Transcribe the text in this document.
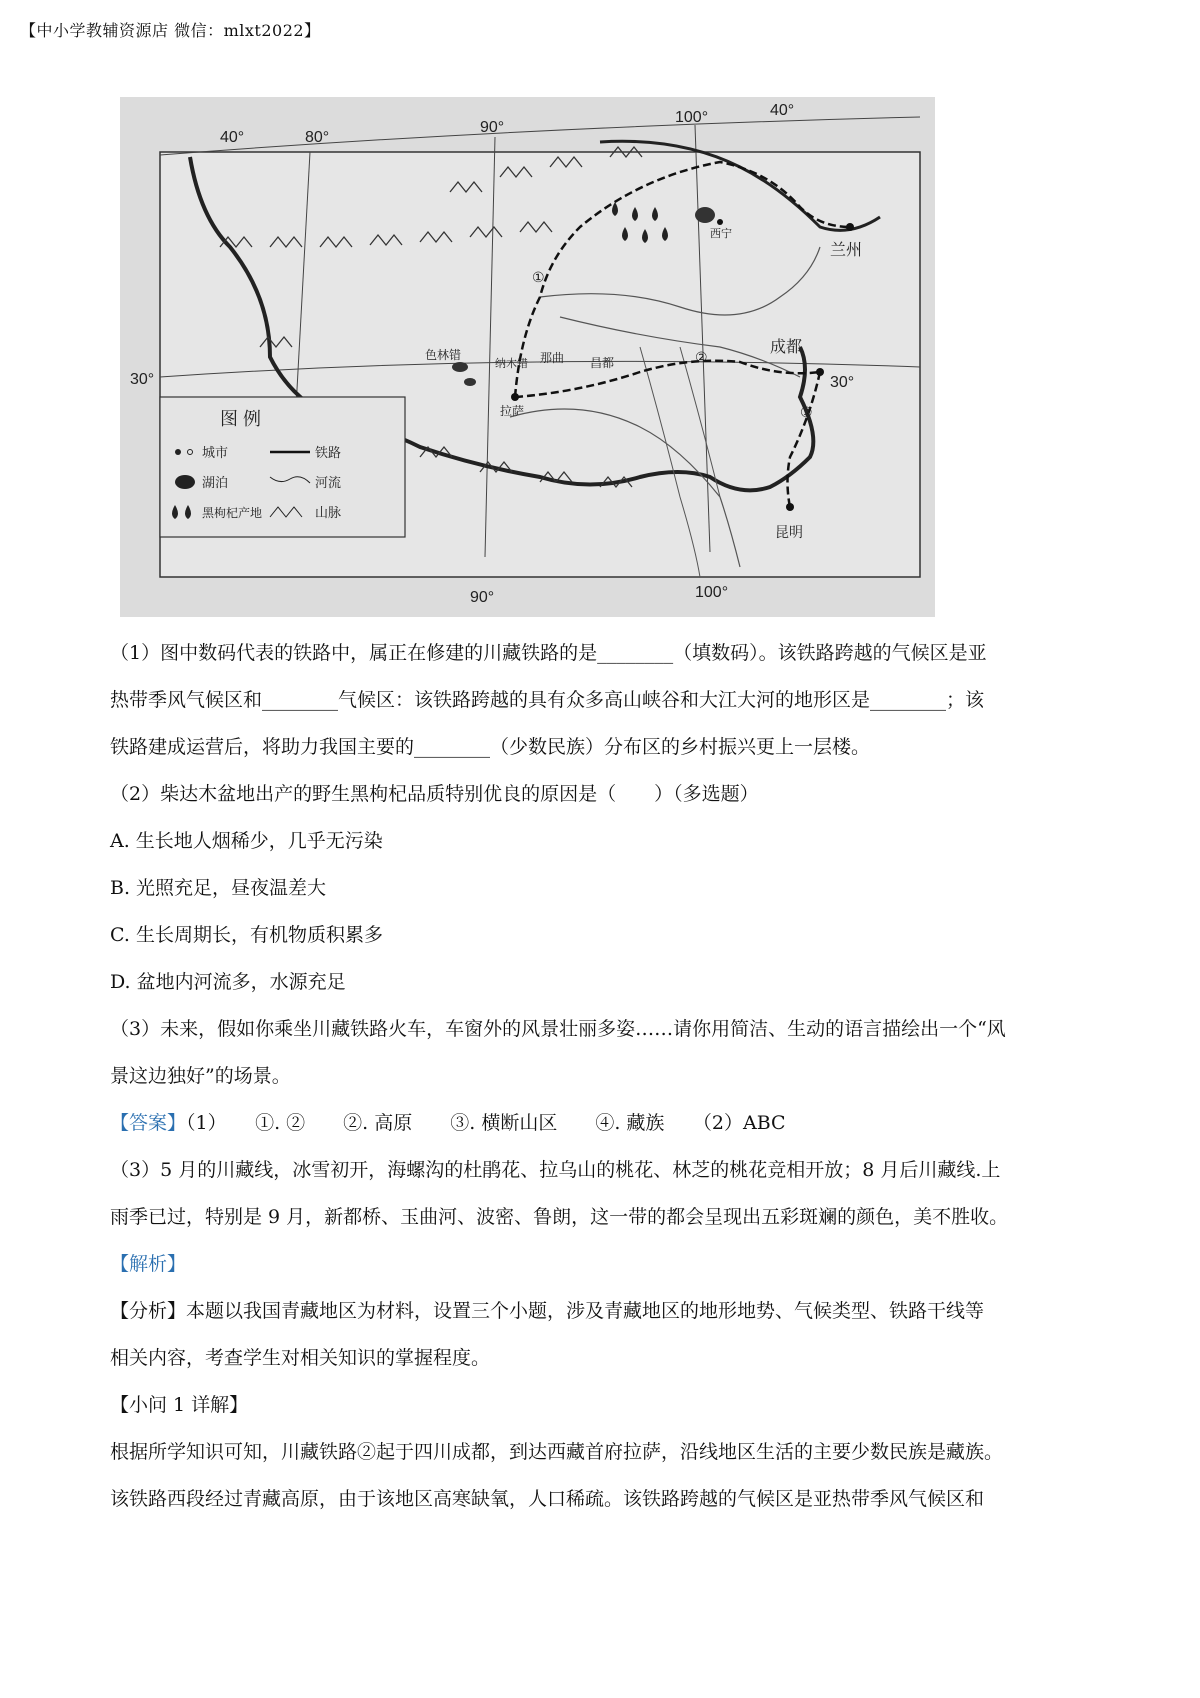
【中小学教辅资源店 微信：mlxt2022】
40°	80°
90°
100°	40°
90°	100°
30°	30°
兰州
成都
昆明
拉萨
色林错
纳木错 那曲 昌都
西宁
①
②
③
图 例
城市	铁路
湖泊	河流
黑枸杞产地	山脉

（1）图中数码代表的铁路中，属正在修建的川藏铁路的是________（填数码）。该铁路跨越的气候区是亚

热带季风气候区和________气候区：该铁路跨越的具有众多高山峡谷和大江大河的地形区是________；该

铁路建成运营后，将助力我国主要的________（少数民族）分布区的乡村振兴更上一层楼。

（2）柴达木盆地出产的野生黑枸杞品质特别优良的原因是（　　）（多选题）

A. 生长地人烟稀少，几乎无污染

B. 光照充足，昼夜温差大

C. 生长周期长，有机物质积累多

D. 盆地内河流多，水源充足

（3）未来，假如你乘坐川藏铁路火车，车窗外的风景壮丽多姿……请你用简洁、生动的语言描绘出一个“风

景这边独好”的场景。

【答案】（1）　　①. ②　　②. 高原　　③. 横断山区　　④. 藏族　　（2）ABC

（3）5 月的川藏线，冰雪初开，海螺沟的杜鹃花、拉乌山的桃花、林芝的桃花竞相开放；8 月后川藏线.上

雨季已过，特别是 9 月，新都桥、玉曲河、波密、鲁朗，这一带的都会呈现出五彩斑斓的颜色，美不胜收。

【解析】

【分析】本题以我国青藏地区为材料，设置三个小题，涉及青藏地区的地形地势、气候类型、铁路干线等

相关内容，考查学生对相关知识的掌握程度。

【小问 1 详解】

根据所学知识可知，川藏铁路②起于四川成都，到达西藏首府拉萨，沿线地区生活的主要少数民族是藏族。

该铁路西段经过青藏高原，由于该地区高寒缺氧，人口稀疏。该铁路跨越的气候区是亚热带季风气候区和
